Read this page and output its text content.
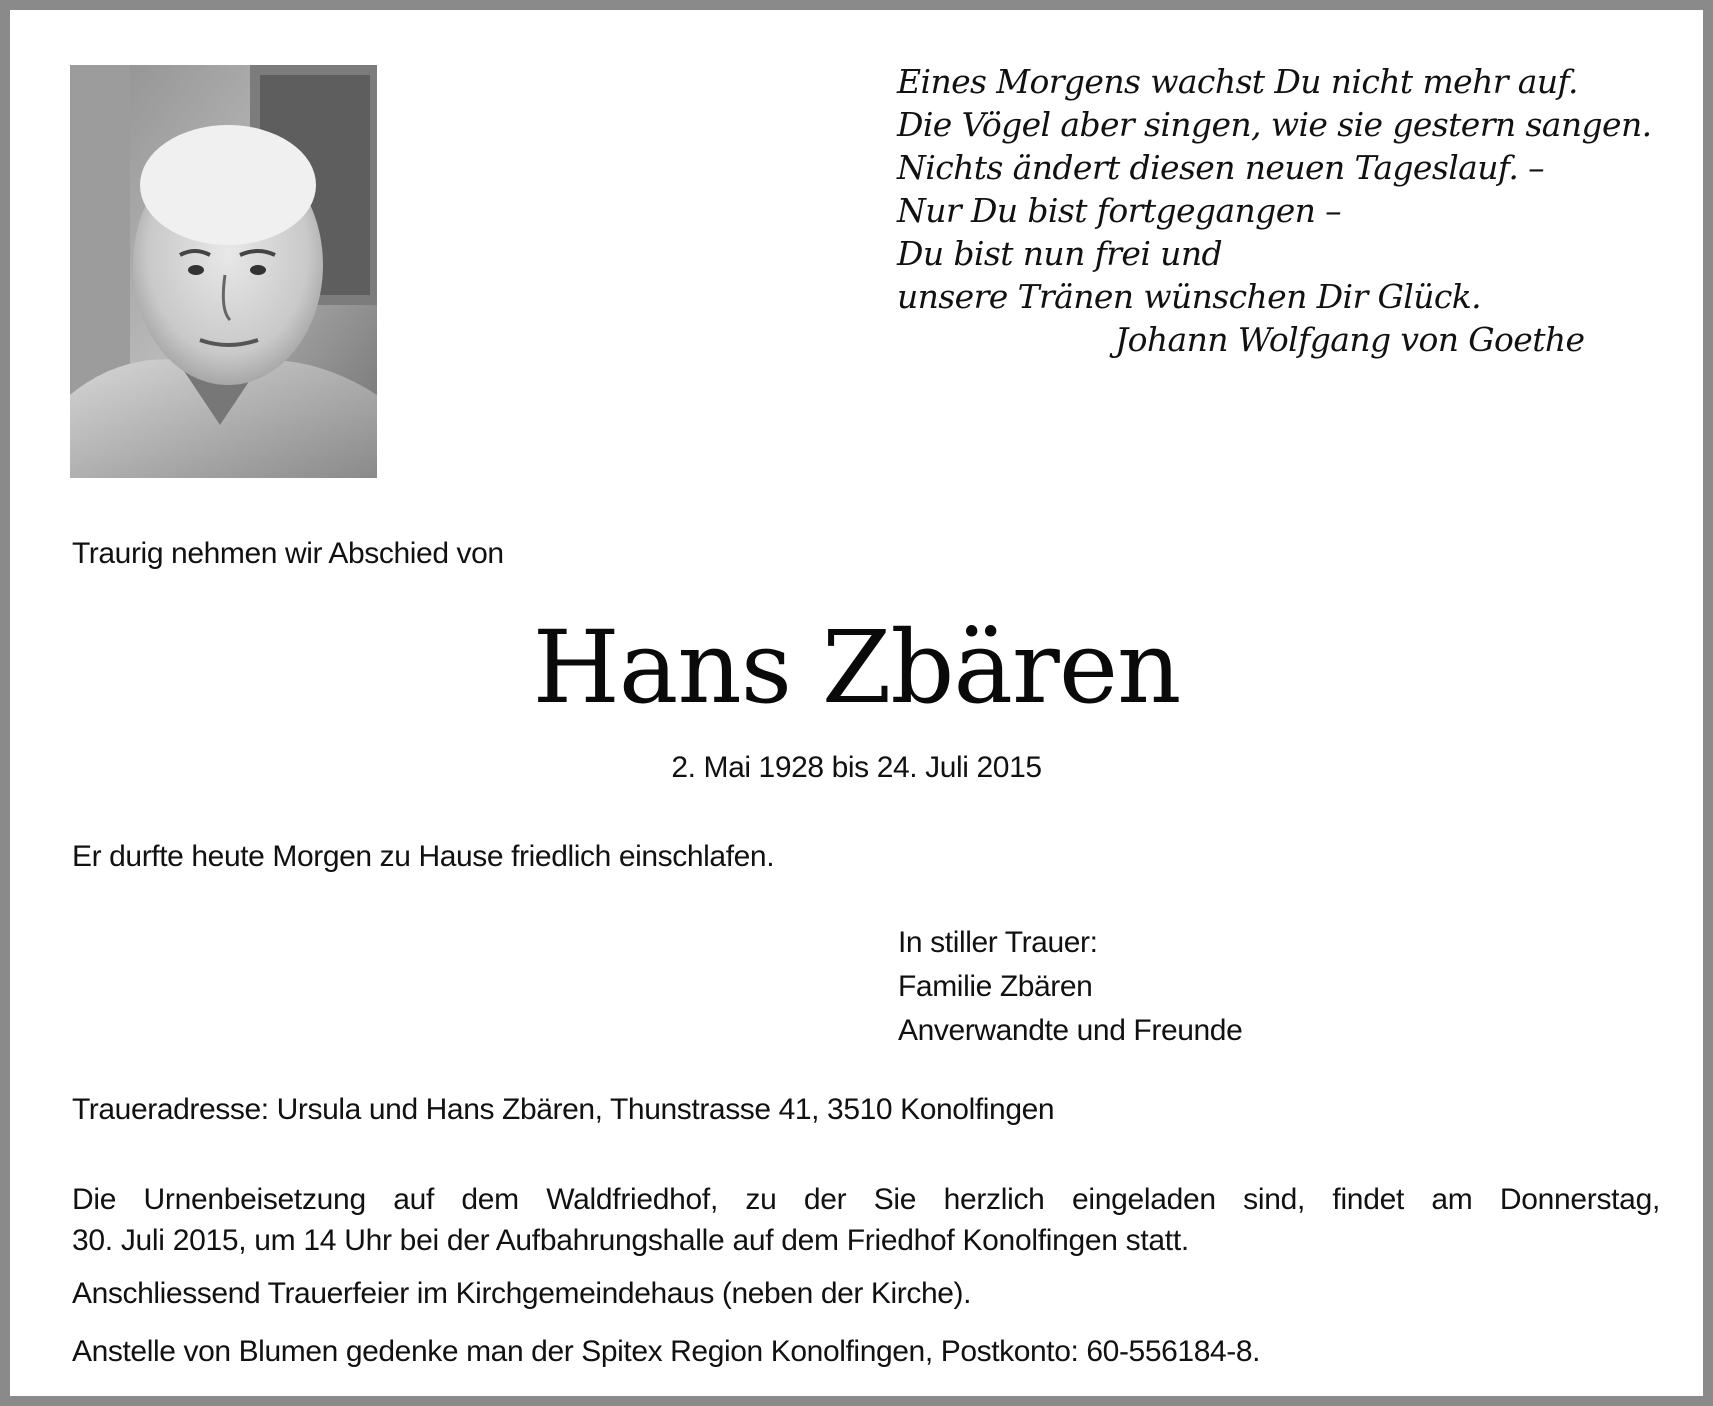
Eines Morgens wachst Du nicht mehr auf.
Die Vögel aber singen, wie sie gestern sangen.
Nichts ändert diesen neuen Tageslauf. –
Nur Du bist fortgegangen –
Du bist nun frei und
unsere Tränen wünschen Dir Glück.
Johann Wolfgang von Goethe
Traurig nehmen wir Abschied von
Hans Zbären
2. Mai 1928 bis 24. Juli 2015
Er durfte heute Morgen zu Hause friedlich einschlafen.
In stiller Trauer:
Familie Zbären
Anverwandte und Freunde
Traueradresse: Ursula und Hans Zbären, Thunstrasse 41, 3510 Konolfingen
Die Urnenbeisetzung auf dem Waldfriedhof, zu der Sie herzlich eingeladen sind, findet am Donnerstag,
30. Juli 2015, um 14 Uhr bei der Aufbahrungshalle auf dem Friedhof Konolfingen statt.
Anschliessend Trauerfeier im Kirchgemeindehaus (neben der Kirche).
Anstelle von Blumen gedenke man der Spitex Region Konolfingen, Postkonto: 60-556184-8.
